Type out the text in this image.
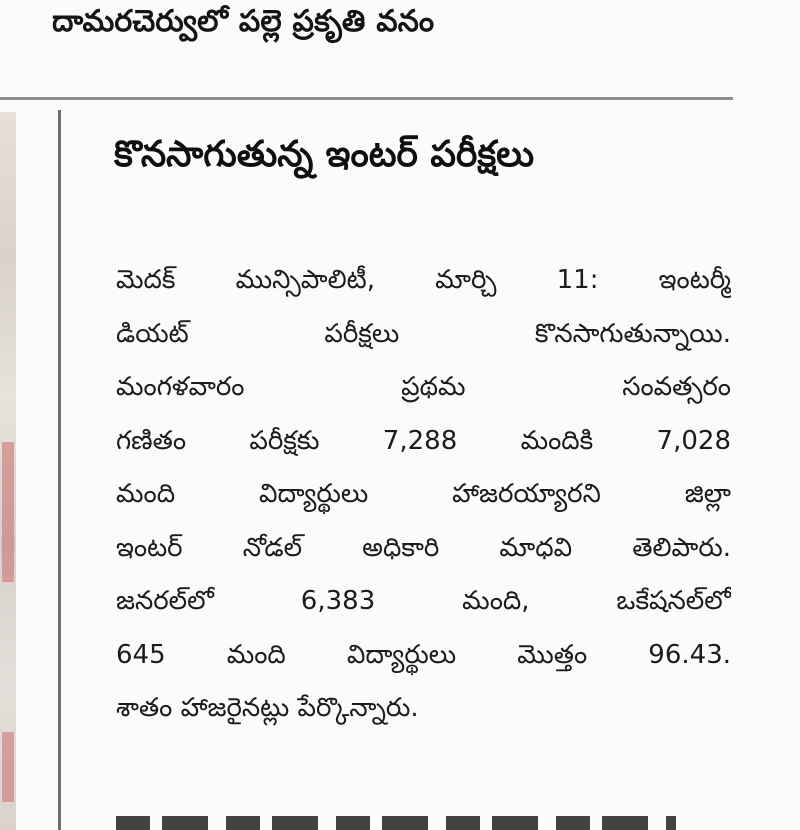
దామరచెర్వులో పల్లె ప్రకృతి వనం
కొనసాగుతున్న ఇంటర్ పరీక్షలు
మెదక్ మున్సిపాలిటీ, మార్చి 11: ఇంటర్మీ
డియట్ పరీక్షలు కొనసాగుతున్నాయి.
మంగళవారం ప్రథమ సంవత్సరం
గణితం పరీక్షకు 7,288 మందికి 7,028
మంది విద్యార్థులు హాజరయ్యారని జిల్లా
ఇంటర్ నోడల్ అధికారి మాధవి తెలిపారు.
జనరల్‌లో 6,383 మంది, ఒకేషనల్‌లో
645 మంది విద్యార్థులు మొత్తం 96.43.
శాతం హాజరైనట్లు పేర్కొన్నారు.
